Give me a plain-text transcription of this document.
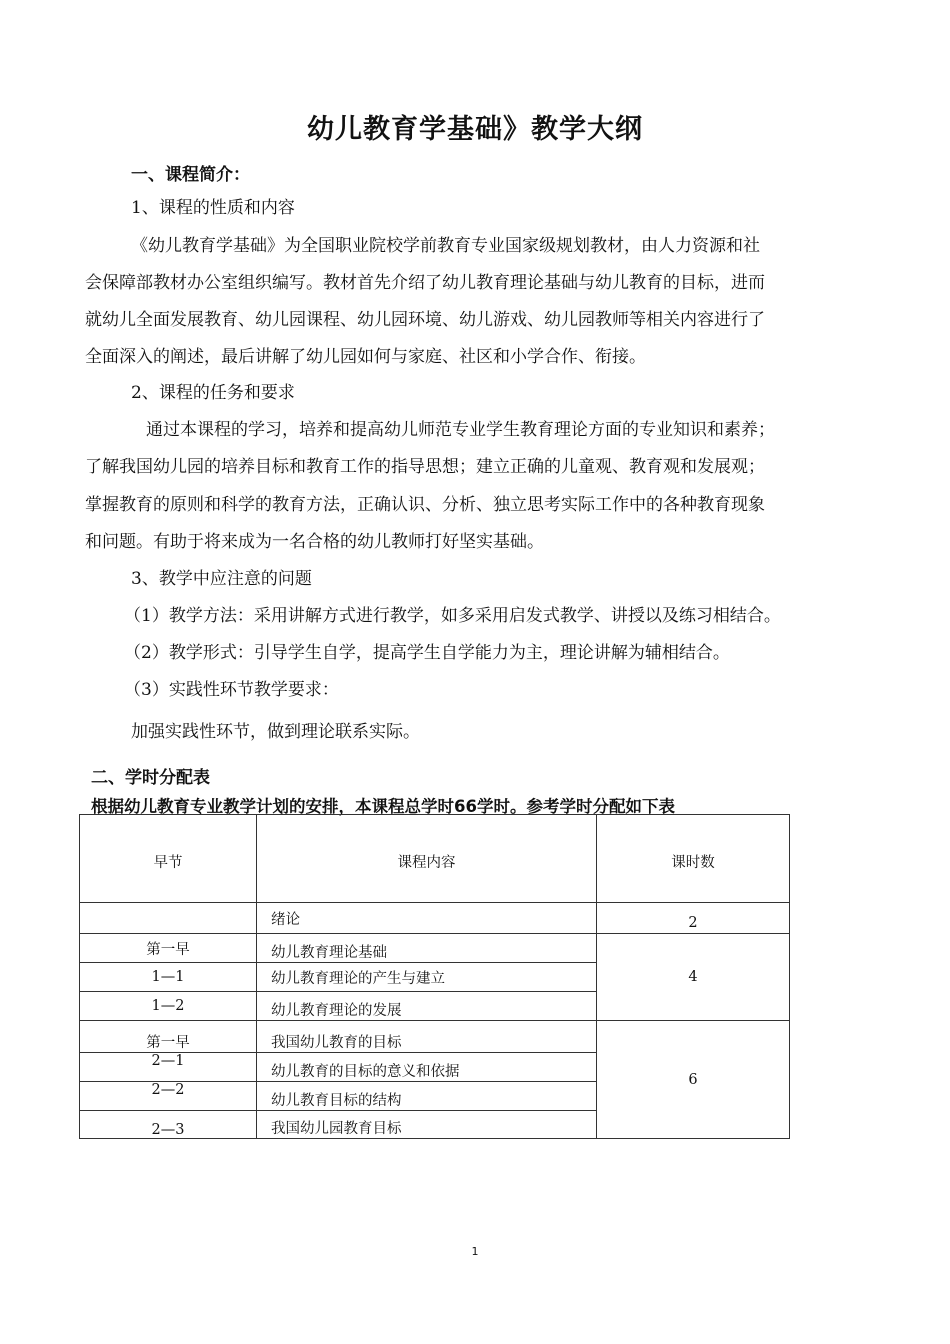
幼儿教育学基础》教学大纲
一、课程简介：
1、课程的性质和内容
《幼儿教育学基础》为全国职业院校学前教育专业国家级规划教材，由人力资源和社
会保障部教材办公室组织编写。教材首先介绍了幼儿教育理论基础与幼儿教育的目标，进而
就幼儿全面发展教育、幼儿园课程、幼儿园环境、幼儿游戏、幼儿园教师等相关内容进行了
全面深入的阐述，最后讲解了幼儿园如何与家庭、社区和小学合作、衔接。
2、课程的任务和要求
通过本课程的学习，培养和提高幼儿师范专业学生教育理论方面的专业知识和素养；
了解我国幼儿园的培养目标和教育工作的指导思想；建立正确的儿童观、教育观和发展观；
掌握教育的原则和科学的教育方法，正确认识、分析、独立思考实际工作中的各种教育现象
和问题。有助于将来成为一名合格的幼儿教师打好坚实基础。
3、教学中应注意的问题
（1）教学方法：采用讲解方式进行教学，如多采用启发式教学、讲授以及练习相结合。
（2）教学形式：引导学生自学，提高学生自学能力为主，理论讲解为辅相结合。
（3）实践性环节教学要求：
加强实践性环节，做到理论联系实际。
二、学时分配表
根据幼儿教育专业教学计划的安排，本课程总学时66学时。参考学时分配如下表
早节	课程内容	课时数
	绪论	2
第一早	幼儿教育理论基础	4
1—1	幼儿教育理论的产生与建立	
1—2	幼儿教育理论的发展	
第一早	我国幼儿教育的目标	6
2—1	幼儿教育的目标的意义和依据	
2—2	幼儿教育目标的结构	
2—3	我国幼儿园教育目标	
1
